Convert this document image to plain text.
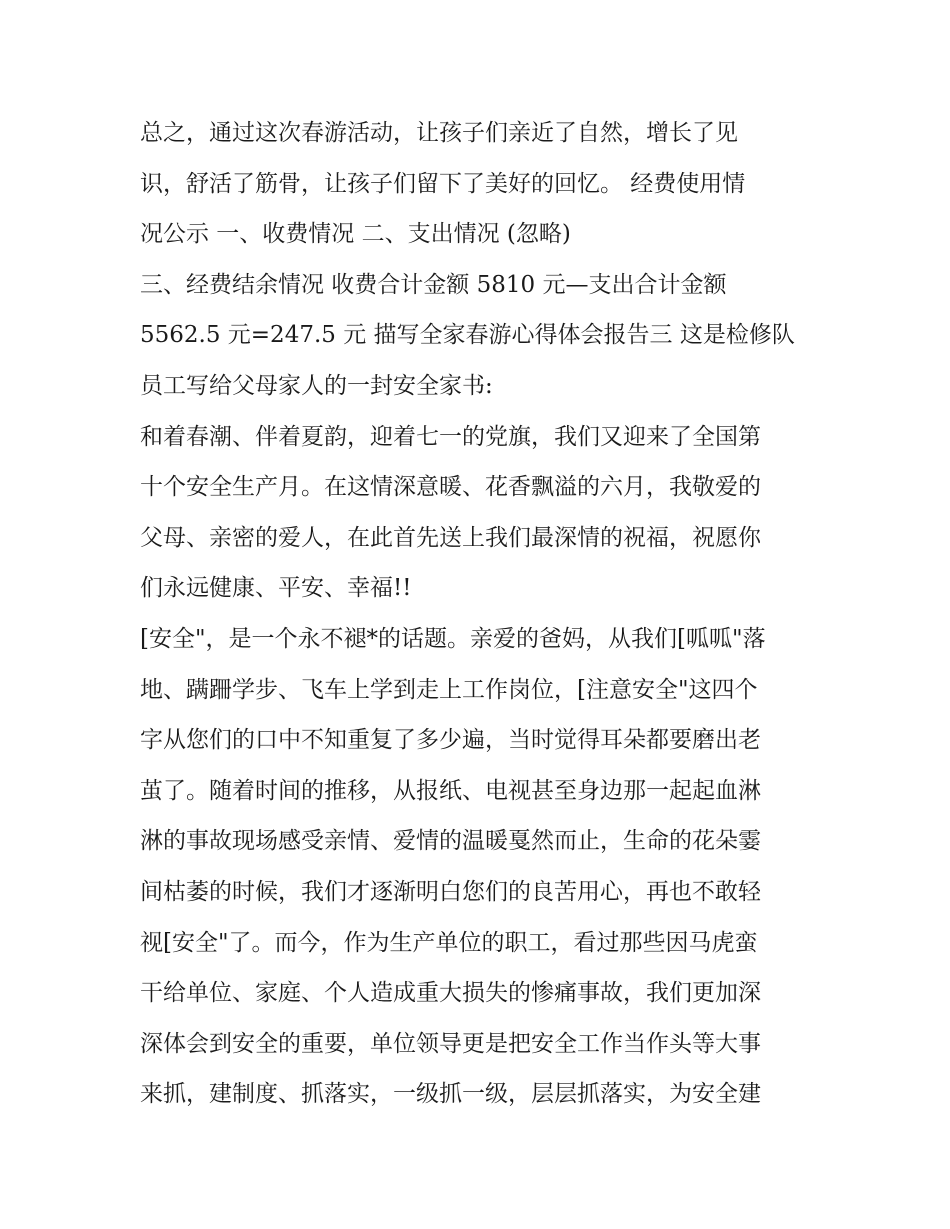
总之，通过这次春游活动，让孩子们亲近了自然，增长了见
识，舒活了筋骨，让孩子们留下了美好的回忆。 经费使用情
况公示 一、收费情况 二、支出情况 (忽略)
三、经费结余情况 收费合计金额 5810 元—支出合计金额
5562.5 元=247.5 元 描写全家春游心得体会报告三 这是检修队
员工写给父母家人的一封安全家书:
和着春潮、伴着夏韵，迎着七一的党旗，我们又迎来了全国第
十个安全生产月。在这情深意暖、花香飘溢的六月，我敬爱的
父母、亲密的爱人，在此首先送上我们最深情的祝福，祝愿你
们永远健康、平安、幸福!!
[安全"，是一个永不褪*的话题。亲爱的爸妈，从我们[呱呱"落
地、蹒跚学步、飞车上学到走上工作岗位，[注意安全"这四个
字从您们的口中不知重复了多少遍，当时觉得耳朵都要磨出老
茧了。随着时间的推移，从报纸、电视甚至身边那一起起血淋
淋的事故现场感受亲情、爱情的温暖戛然而止，生命的花朵霎
间枯萎的时候，我们才逐渐明白您们的良苦用心，再也不敢轻
视[安全"了。而今，作为生产单位的职工，看过那些因马虎蛮
干给单位、家庭、个人造成重大损失的惨痛事故，我们更加深
深体会到安全的重要，单位领导更是把安全工作当作头等大事
来抓，建制度、抓落实，一级抓一级，层层抓落实，为安全建
